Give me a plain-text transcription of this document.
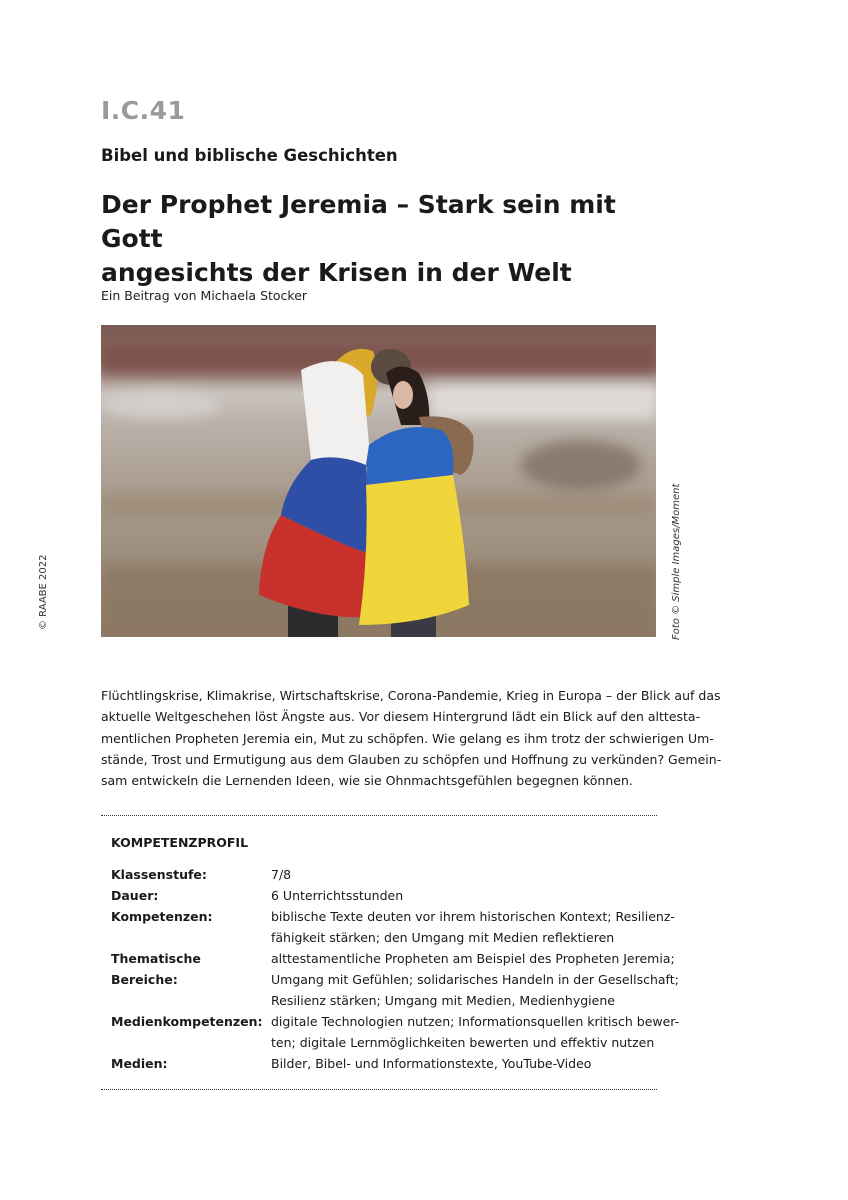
I.C.41
Bibel und biblische Geschichten
Der Prophet Jeremia – Stark sein mit Gott
angesichts der Krisen in der Welt
Ein Beitrag von Michaela Stocker
Foto © Simple Images/Moment
© RAABE 2022
Flüchtlingskrise, Klimakrise, Wirtschaftskrise, Corona-Pandemie, Krieg in Europa – der Blick auf das
aktuelle Weltgeschehen löst Ängste aus. Vor diesem Hintergrund lädt ein Blick auf den alttesta-
mentlichen Propheten Jeremia ein, Mut zu schöpfen. Wie gelang es ihm trotz der schwierigen Um-
stände, Trost und Ermutigung aus dem Glauben zu schöpfen und Hoffnung zu verkünden? Gemein-
sam entwickeln die Lernenden Ideen, wie sie Ohnmachtsgefühlen begegnen können.
KOMPETENZPROFIL
Klassenstufe:	7/8
Dauer:	6 Unterrichtsstunden
Kompetenzen:	biblische Texte deuten vor ihrem historischen Kontext; Resilienz-
fähigkeit stärken; den Umgang mit Medien reflektieren
Thematische Bereiche:
alttestamentliche Propheten am Beispiel des Propheten Jeremia;
Umgang mit Gefühlen; solidarisches Handeln in der Gesellschaft;
Resilienz stärken; Umgang mit Medien, Medienhygiene
Medienkompetenzen: digitale Technologien nutzen; Informationsquellen kritisch bewer-
ten; digitale Lernmöglichkeiten bewerten und effektiv nutzen
Medien:	Bilder, Bibel- und Informationstexte, YouTube-Video
